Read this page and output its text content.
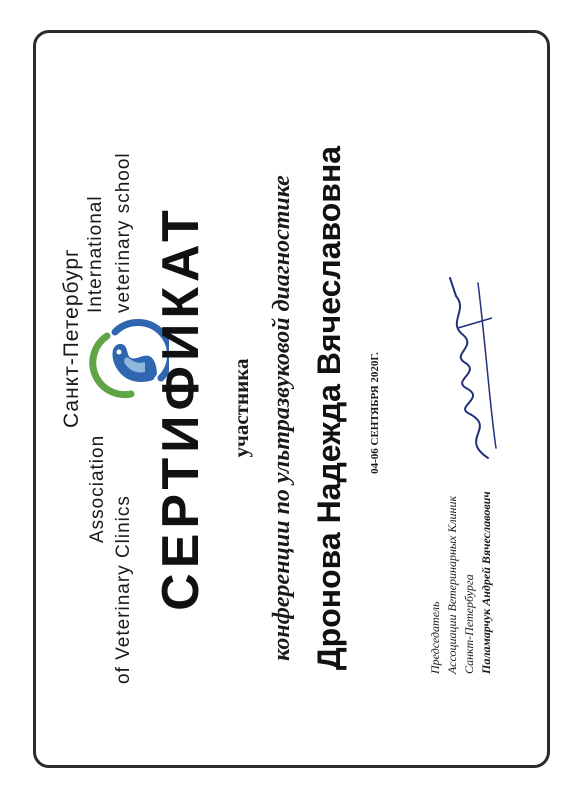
Санкт-Петербург
Association
of Veterinary Clinics
International veterinary school СЕРТИФИКАТ участника конференции по ультразвуковой диагностике Дронова Надежда Вячеславовна 04-06 СЕНТЯБРЯ 2020Г.
Председатель Ассоциации Ветеринарных Клиник Санкт-Петербурга Паламарчук Андрей Вячеславович
